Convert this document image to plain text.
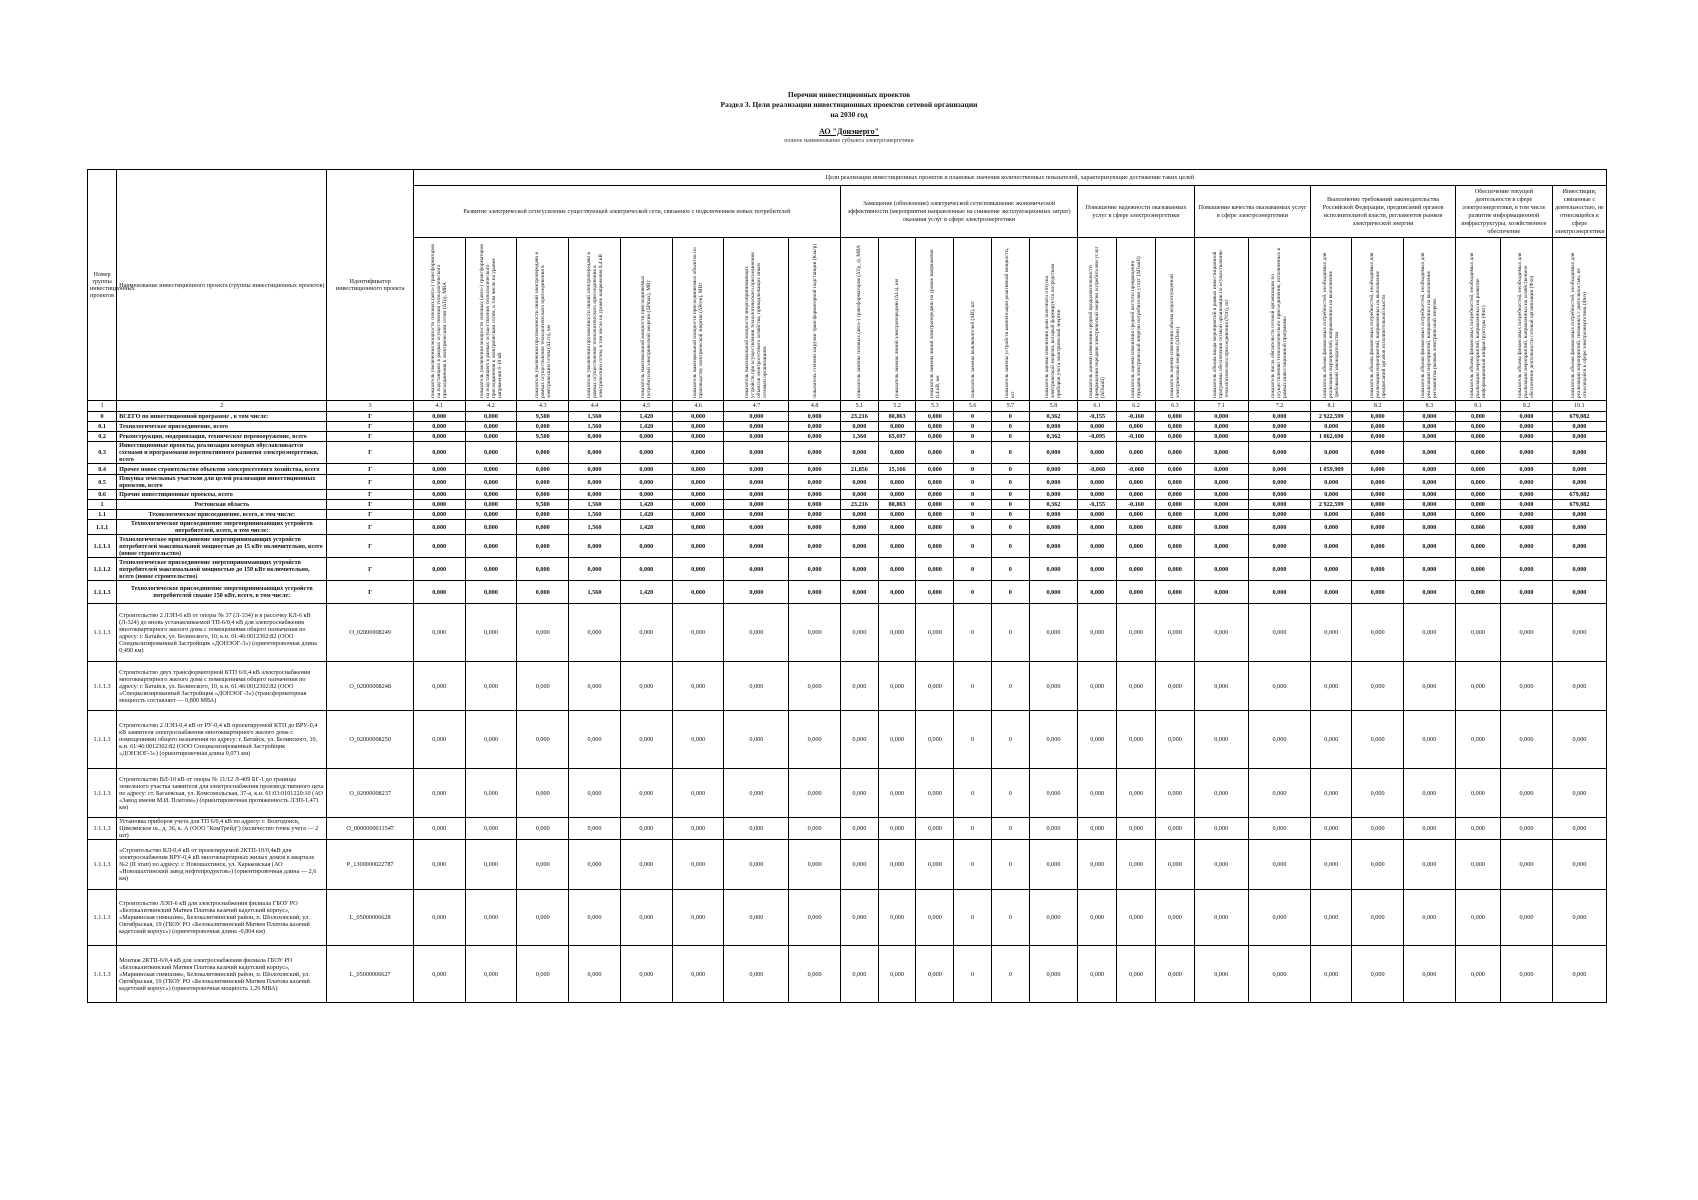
Перечни инвестиционных проектов
Раздел 3. Цели реализации инвестиционных проектов сетевой организации
на 2030 год
АО "Донэнерго"
полное наименование субъекта электроэнергетики
Номер группы инвестиционных проектов	Наименование инвестиционного проекта (группы инвестиционных проектов)	Идентификатор инвестиционного проекта	Цели реализации инвестиционных проектов и плановые значения количественных показателей, характеризующие достижение таких целей																								
			Развитие электрической сети/усиление существующей электрической сети, связанное с подключением новых потребителей								Замещение (обновление) электрической сети/повышение экономической эффективности (мероприятия направленные на снижение эксплуатационных затрат) оказания услуг в сфере электроэнергетики						Повышение надежности оказываемых услуг в сфере электроэнергетики			Повышение качества оказываемых услуг в сфере электроэнергетики		Выполнение требований законодательства Российской Федерации, предписаний органов исполнительной власти, регламентов рынков электрической энергии			Обеспечение текущей деятельности в сфере электроэнергетики, в том числе развитие информационной инфраструктуры, хозяйственное обеспечение		Инвестиции, связанные с деятельностью, не относящейся к сфере электроэнергетики

			показатель увеличения мощности силовых (авто-) трансформаторов на подстанциях в рамках осуществления технологического присоединения к электрическим сетям (ΔТр), МВА	показатель увеличения мощности силовых (авто-) трансформаторов на подстанциях в рамках осуществления технологического присоединения к электрическим сетям, в том числе на уровне напряжения 6-10 кВ	показатель увеличения протяженности линий электропередачи в рамках осуществления технологического присоединения к электрическим сетям (ΔLтп), км	показатель увеличения протяженности линий электропередачи в рамках осуществления технологического присоединения к электрическим сетям, в том числе на уровне напряжения 0,4 кВ	показатель максимальной мощности присоединяемых потребителей электрической энергии (ΔРmax), МВт	показатель максимальной мощности присоединяемых объектов по производству электрической энергии (ΔРген), МВт	показатель максимальной мощности энергопринимающих устройств при осуществлении технологического присоединения объектов электросетевого хозяйства, принадлежащих иным сетевым организациям	показатель степени загрузки трансформаторной подстанции (Кзагр)	показатель замены силовых (авто-) трансформаторов (ΔТр_з), МВА	показатель замены линий электропередачи (ΔLз), км	показатель замены линий электропередачи на уровне напряжения 0,4 кВ, км	показатель замены выключателей (ΔВ), шт	показатель замены устройств компенсации реактивной мощности, шт	показатель оценки изменения доли полезного отпуска электрической энергии, который формируется посредством приборов учета электрической энергии	показатель оценки изменения средней продолжительности прекращения передачи электрической энергии потребителям услуг (ΔПsaidi)	показатель оценки изменения средней частоты прекращения передачи электрической энергии потребителям услуг (ΔПsaifi)	показатель оценки изменения объема недоотпущенной электрической энергии (ΔПens)	показатель объема ввода мероприятий в рамках инвестиционной программы обеспечения сетевой организации по осуществлению технологического присоединения (Nтп), шт	показатель числа обязательств сетевой организации по осуществлению технологического присоединения, исполненных в рамках инвестиционной программы	показатель объема финансовых потребностей, необходимых для реализации мероприятий, направленных на выполнение требований законодательства	показатель объема финансовых потребностей, необходимых для реализации мероприятий, направленных на выполнение предписаний органов исполнительной власти	показатель объема финансовых потребностей, необходимых для реализации мероприятий, направленных на выполнение регламентов рынков электрической энергии	показатель объема финансовых потребностей, необходимых для реализации мероприятий, направленных на развитие информационной инфраструктуры (Фит)	показатель объема финансовых потребностей, необходимых для реализации мероприятий, направленных на хозяйственное обеспечение деятельности сетевой организации (Фхо)	показатель объема финансовых потребностей, необходимых для реализации мероприятий, связанных с деятельностью, не относящейся к сфере электроэнергетики (Фнэ)

1	2	3	4.1	4.2	4.3	4.4	4.5	4.6	4.7	4.8	5.1	5.2	5.3	5.6	5.7	5.8	6.1	6.2	6.3	7.1	7.2	8.1	8.2	8.3	9.1	9.2	10.1
0	ВСЕГО по инвестиционной программе , в том числе:	Г	0,000	0,000	9,500	1,560	1,420	0,000	0,000	0,000	23,216	80,863	0,000	0	0	0,362	-0,155	-0,160	0,000	0,000	0,000	2 922,599	0,000	0,000	0,000	0,000	679,082
0.1	Технологическое присоединение, всего	Г	0,000	0,000	0,000	1,560	1,420	0,000	0,000	0,000	0,000	0,000	0,000	0	0	0,000	0,000	0,000	0,000	0,000	0,000	0,000	0,000	0,000	0,000	0,000	0,000
0.2	Реконструкция, модернизация, техническое перевооружение, всего	Г	0,000	0,000	9,500	0,000	0,000	0,000	0,000	0,000	1,360	65,697	0,000	0	0	0,362	-0,095	-0,100	0,000	0,000	0,000	1 862,690	0,000	0,000	0,000	0,000	0,000
0.3	Инвестиционные проекты, реализация которых обуславливается схемами и программами перспективного развития электроэнергетики, всего	Г	0,000	0,000	0,000	0,000	0,000	0,000	0,000	0,000	0,000	0,000	0,000	0	0	0,000	0,000	0,000	0,000	0,000	0,000	0,000	0,000	0,000	0,000	0,000	0,000
0.4	Прочее новое строительство объектов электросетевого хозяйства, всего	Г	0,000	0,000	0,000	0,000	0,000	0,000	0,000	0,000	21,856	15,166	0,000	0	0	0,000	-0,060	-0,060	0,000	0,000	0,000	1 059,909	0,000	0,000	0,000	0,000	0,000
0.5	Покупка земельных участков для целей реализации инвестиционных проектов, всего	Г	0,000	0,000	0,000	0,000	0,000	0,000	0,000	0,000	0,000	0,000	0,000	0	0	0,000	0,000	0,000	0,000	0,000	0,000	0,000	0,000	0,000	0,000	0,000	0,000
0.6	Прочие инвестиционные проекты, всего	Г	0,000	0,000	0,000	0,000	0,000	0,000	0,000	0,000	0,000	0,000	0,000	0	0	0,000	0,000	0,000	0,000	0,000	0,000	0,000	0,000	0,000	0,000	0,000	679,082
1	Ростовская область	Г	0,000	0,000	9,500	1,560	1,420	0,000	0,000	0,000	23,216	80,863	0,000	0	0	0,362	-0,155	-0,160	0,000	0,000	0,000	2 922,599	0,000	0,000	0,000	0,000	679,082
1.1	Технологическое присоединение, всего, в том числе:	Г	0,000	0,000	0,000	1,560	1,420	0,000	0,000	0,000	0,000	0,000	0,000	0	0	0,000	0,000	0,000	0,000	0,000	0,000	0,000	0,000	0,000	0,000	0,000	0,000
1.1.1	Технологическое присоединение энергопринимающих устройств потребителей, всего, в том числе:	Г	0,000	0,000	0,000	1,560	1,420	0,000	0,000	0,000	0,000	0,000	0,000	0	0	0,000	0,000	0,000	0,000	0,000	0,000	0,000	0,000	0,000	0,000	0,000	0,000
1.1.1.1	Технологическое присоединение энергопринимающих устройств потребителей максимальной мощностью до 15 кВт включительно, всего (новое строительство)	Г	0,000	0,000	0,000	0,000	0,000	0,000	0,000	0,000	0,000	0,000	0,000	0	0	0,000	0,000	0,000	0,000	0,000	0,000	0,000	0,000	0,000	0,000	0,000	0,000
1.1.1.2	Технологическое присоединение энергопринимающих устройств потребителей максимальной мощностью до 150 кВт включительно, всего (новое строительство)	Г	0,000	0,000	0,000	0,000	0,000	0,000	0,000	0,000	0,000	0,000	0,000	0	0	0,000	0,000	0,000	0,000	0,000	0,000	0,000	0,000	0,000	0,000	0,000	0,000
1.1.1.3	Технологическое присоединение энергопринимающих устройств потребителей свыше 150 кВт, всего, в том числе:	Г	0,000	0,000	0,000	1,560	1,420	0,000	0,000	0,000	0,000	0,000	0,000	0	0	0,000	0,000	0,000	0,000	0,000	0,000	0,000	0,000	0,000	0,000	0,000	0,000
1.1.1.3	Строительство 2 ЛЭП-6 кВ от опоры № 37 (Л-334) и в рассечку КЛ-6 кВ (Л-324) до вновь устанавливаемой ТП-6/0,4 кВ для электроснабжения многоквартирного жилого дома с помещениями общего назначения по адресу: г. Батайск, ул. Белинского, 10, к.н. 61:46:0012302:82 (ООО Специализированный Застройщик «ДОНЭОГ-3») (ориентировочная длина 0,490 км)	O_02000008249	0,000	0,000	0,000	0,000	0,000	0,000	0,000	0,000	0,000	0,000	0,000	0	0	0,000	0,000	0,000	0,000	0,000	0,000	0,000	0,000	0,000	0,000	0,000	0,000
1.1.1.3	Строительство двух трансформаторной КТП 6/0,4 кВ электроснабжения многоквартирного жилого дома с помещениями общего назначения по адресу: г. Батайск, ул. Белинского, 10, к.н. 61:46:0012302:82 (ООО «Специализированный Застройщик «ДОНЭОГ-3») (трансформаторная мощность составляет — 0,800 МВА)	O_02000008248	0,000	0,000	0,000	0,000	0,000	0,000	0,000	0,000	0,000	0,000	0,000	0	0	0,000	0,000	0,000	0,000	0,000	0,000	0,000	0,000	0,000	0,000	0,000	0,000
1.1.1.3	Строительство 2 ЛЭП-0,4 кВ от РУ-0,4 кВ проектируемой КТП до ВРУ-0,4 кВ заявителя электроснабжения многоквартирного жилого дома с помещениями общего назначения по адресу: г. Батайск, ул. Белинского, 10, к.н. 61:46:0012302:82 (ООО Специализированный Застройщик «ДОНЭОГ-3») (ориентировочная длина 0,071 км)	O_02000008250	0,000	0,000	0,000	0,000	0,000	0,000	0,000	0,000	0,000	0,000	0,000	0	0	0,000	0,000	0,000	0,000	0,000	0,000	0,000	0,000	0,000	0,000	0,000	0,000
1.1.1.3	Строительство ВЛ-10 кВ от опоры № 11/12 Л-409 БГ-1 до границы земельного участка заявителя для электроснабжения производственного цеха по адресу: ст. Багаевская, ул. Комсомольская, 37-а, к.н. 61:03:0101220:10 (АО «Завод имени М.И. Платова») (ориентировочная протяженность ЛЭП-1,471 км)	O_02000008237	0,000	0,000	0,000	0,000	0,000	0,000	0,000	0,000	0,000	0,000	0,000	0	0	0,000	0,000	0,000	0,000	0,000	0,000	0,000	0,000	0,000	0,000	0,000	0,000
1.1.1.3	Установка приборов учета для ТП 6/0,4 кВ по адресу: г. Волгодонск, Цимлянское ш., д. 36, к. А (ООО "КомТрейд") (количество точек учета — 2 шт)	O_0000000011547	0,000	0,000	0,000	0,000	0,000	0,000	0,000	0,000	0,000	0,000	0,000	0	0	0,000	0,000	0,000	0,000	0,000	0,000	0,000	0,000	0,000	0,000	0,000	0,000
1.1.1.3	«Строительство КЛ-0,4 кВ от проектируемой 2КТП-10/0,4кВ для электроснабжения ВРУ-0,4 кВ многоквартирных жилых домов в квартале №2 (II этап) по адресу: г. Новошахтинск, ул. Харьковская (АО «Новошахтинский завод нефтепродуктов») (ориентировочная длина — 2,6 км)	P_1300000022787	0,000	0,000	0,000	0,000	0,000	0,000	0,000	0,000	0,000	0,000	0,000	0	0	0,000	0,000	0,000	0,000	0,000	0,000	0,000	0,000	0,000	0,000	0,000	0,000
1.1.1.3	Строительство ЛЭП-6 кВ для электроснабжения филиала ГБОУ РО «Белокалитвинский Матвея Платова казачий кадетский корпус», «Мариинская гимназия», Белокалитвинский район, п. Шолоховский, ул. Октябрьская, 19 (ГБОУ РО «Белокалитвинский Матвея Платова казачий кадетский корпус») (ориентировочная длина -0,804 км)	L_05000006628	0,000	0,000	0,000	0,000	0,000	0,000	0,000	0,000	0,000	0,000	0,000	0	0	0,000	0,000	0,000	0,000	0,000	0,000	0,000	0,000	0,000	0,000	0,000	0,000
1.1.1.3	Монтаж 2КТП-6/0,4 кВ для электроснабжения филиала ГБОУ РО «Белокалитвинский Матвея Платова казачий кадетский корпус», «Мариинская гимназия», Белокалитвинский район, п. Шолоховский, ул. Октябрьская, 19 (ГБОУ РО «Белокалитвинский Матвея Платова казачий кадетский корпус») (ориентировочная мощность 1,26 МВА)	L_05000006627	0,000	0,000	0,000	0,000	0,000	0,000	0,000	0,000	0,000	0,000	0,000	0	0	0,000	0,000	0,000	0,000	0,000	0,000	0,000	0,000	0,000	0,000	0,000	0,000
